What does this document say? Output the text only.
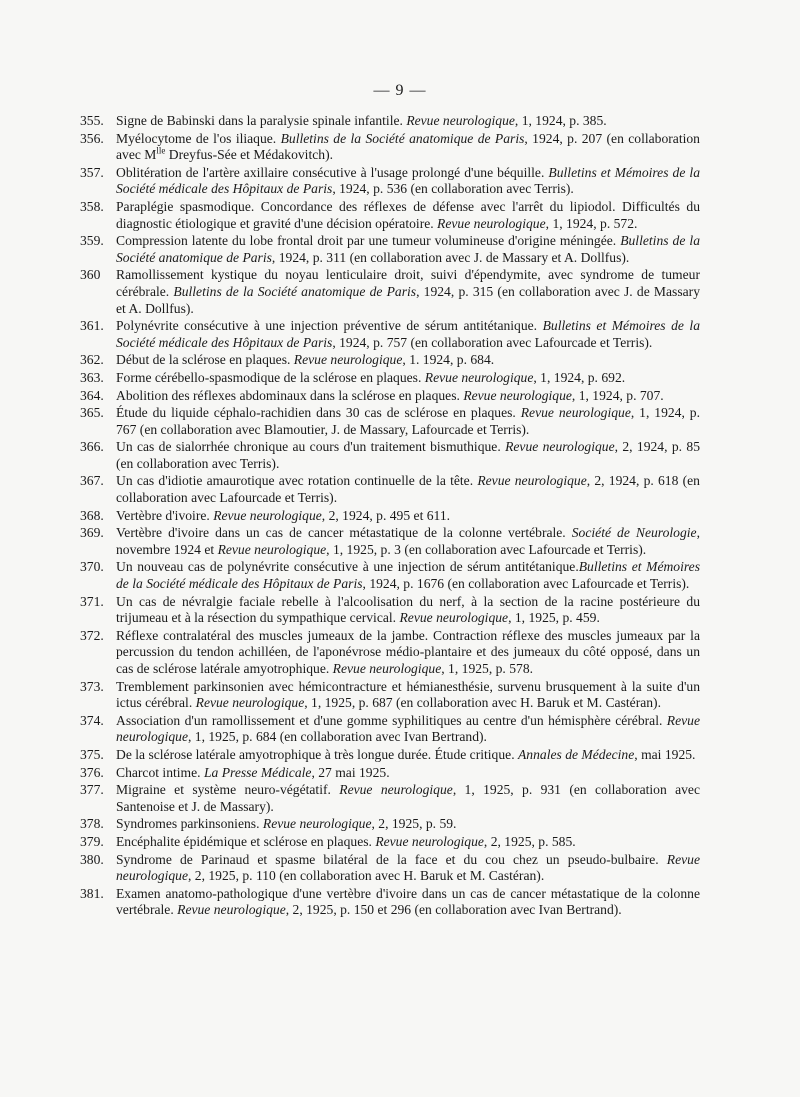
— 9 —
355. Signe de Babinski dans la paralysie spinale infantile. Revue neurologique, 1, 1924, p. 385.
356. Myélocytome de l'os iliaque. Bulletins de la Société anatomique de Paris, 1924, p. 207 (en collaboration avec $M^{lle}$ Dreyfus-Sée et Médakovitch).
357. Oblitération de l'artère axillaire consécutive à l'usage prolongé d'une béquille. Bulletins et Mémoires de la Société médicale des Hôpitaux de Paris, 1924, p. 536 (en collaboration avec Terris).
358. Paraplégie spasmodique. Concordance des réflexes de défense avec l'arrêt du lipiodol. Difficultés du diagnostic étiologique et gravité d'une décision opératoire. Revue neurologique, 1, 1924, p. 572.
359. Compression latente du lobe frontal droit par une tumeur volumineuse d'origine méningée. Bulletins de la Société anatomique de Paris, 1924, p. 311 (en collaboration avec J. de Massary et A. Dollfus).
360	Ramollissement kystique du noyau lenticulaire droit, suivi d'épendymite, avec syndrome de tumeur cérébrale. Bulletins de la Société anatomique de Paris, 1924, p. 315 (en collaboration avec J. de Massary et A. Dollfus).
361. Polynévrite consécutive à une injection préventive de sérum antitétanique. Bulletins et Mémoires de la Société médicale des Hôpitaux de Paris, 1924, p. 757 (en collaboration avec Lafourcade et Terris).
362. Début de la sclérose en plaques. Revue neurologique, 1. 1924, p. 684.
363. Forme cérébello-spasmodique de la sclérose en plaques. Revue neurologique, 1, 1924, p. 692.
364. Abolition des réflexes abdominaux dans la sclérose en plaques. Revue neurologique, 1, 1924, p. 707.
365. Étude du liquide céphalo-rachidien dans 30 cas de sclérose en plaques. Revue neurologique, 1, 1924, p. 767 (en collaboration avec Blamoutier, J. de Massary, Lafourcade et Terris).
366. Un cas de sialorrhée chronique au cours d'un traitement bismuthique. Revue neurologique, 2, 1924, p. 85 (en collaboration avec Terris).
367. Un cas d'idiotie amaurotique avec rotation continuelle de la tête. Revue neurologique, 2, 1924, p. 618 (en collaboration avec Lafourcade et Terris).
368. Vertèbre d'ivoire. Revue neurologique, 2, 1924, p. 495 et 611.
369. Vertèbre d'ivoire dans un cas de cancer métastatique de la colonne vertébrale. Société de Neurologie, novembre 1924 et Revue neurologique, 1, 1925, p. 3 (en collaboration avec Lafourcade et Terris).
370. Un nouveau cas de polynévrite consécutive à une injection de sérum antitétanique.Bulletins et Mémoires de la Société médicale des Hôpitaux de Paris, 1924, p. 1676 (en collaboration avec Lafourcade et Terris).
371. Un cas de névralgie faciale rebelle à l'alcoolisation du nerf, à la section de la racine postérieure du trijumeau et à la résection du sympathique cervical. Revue neurologique, 1, 1925, p. 459.
372. Réflexe contralatéral des muscles jumeaux de la jambe. Contraction réflexe des muscles jumeaux par la percussion du tendon achilléen, de l'aponévrose médio-plantaire et des jumeaux du côté opposé, dans un cas de sclérose latérale amyotrophique. Revue neurologique, 1, 1925, p. 578.
373. Tremblement parkinsonien avec hémicontracture et hémianesthésie, survenu brusquement à la suite d'un ictus cérébral. Revue neurologique, 1, 1925, p. 687 (en collaboration avec H. Baruk et M. Castéran).
374. Association d'un ramollissement et d'une gomme syphilitiques au centre d'un hémisphère cérébral. Revue neurologique, 1, 1925, p. 684 (en collaboration avec Ivan Bertrand).
375. De la sclérose latérale amyotrophique à très longue durée. Étude critique. Annales de Médecine, mai 1925.
376. Charcot intime. La Presse Médicale, 27 mai 1925.
377. Migraine et système neuro-végétatif. Revue neurologique, 1, 1925, p. 931 (en collaboration avec Santenoise et J. de Massary).
378. Syndromes parkinsoniens. Revue neurologique, 2, 1925, p. 59.
379. Encéphalite épidémique et sclérose en plaques. Revue neurologique, 2, 1925, p. 585.
380. Syndrome de Parinaud et spasme bilatéral de la face et du cou chez un pseudo-bulbaire. Revue neurologique, 2, 1925, p. 110 (en collaboration avec H. Baruk et M. Castéran).
381. Examen anatomo-pathologique d'une vertèbre d'ivoire dans un cas de cancer métastatique de la colonne vertébrale. Revue neurologique, 2, 1925, p. 150 et 296 (en collaboration avec Ivan Bertrand).
